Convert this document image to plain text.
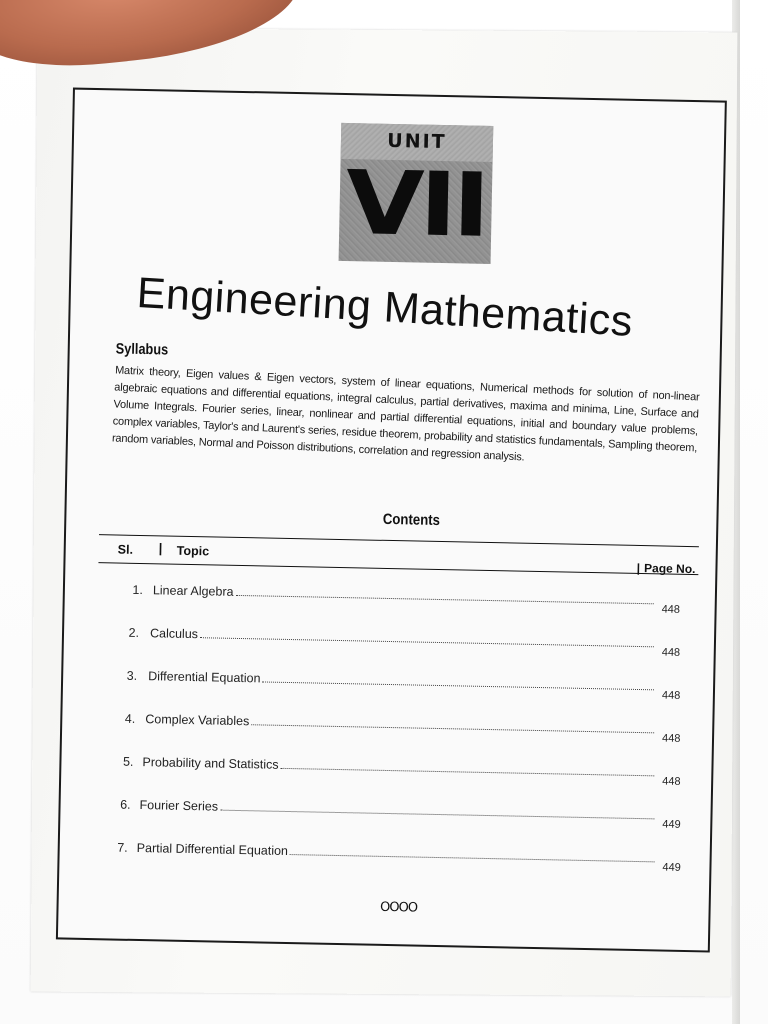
UNIT
VII
Engineering Mathematics
Syllabus
Matrix theory, Eigen values & Eigen vectors, system of linear equations, Numerical methods for solution of non-linear algebraic equations and differential equations, integral calculus, partial derivatives, maxima and minima, Line, Surface and Volume Integrals. Fourier series, linear, nonlinear and partial differential equations, initial and boundary value problems, complex variables, Taylor's and Laurent's series, residue theorem, probability and statistics fundamentals, Sampling theorem, random variables, Normal and Poisson distributions, correlation and regression analysis.
Contents
Sl. | Topic
| Page No.
1. Linear Algebra
448
2. Calculus
448
3. Differential Equation
448
4. Complex Variables
448
5. Probability and Statistics
448
6. Fourier Series
449
7. Partial Differential Equation
449
OOOO
